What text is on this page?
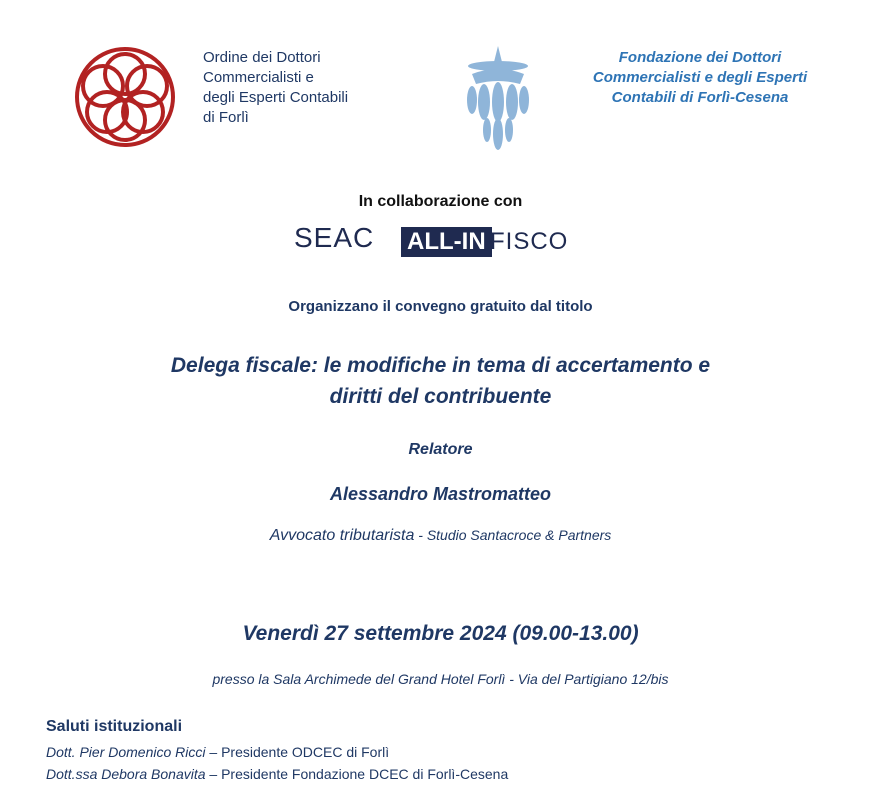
Ordine dei Dottori
Commercialisti e
degli Esperti Contabili
di Forlì
Fondazione dei Dottori
Commercialisti e degli Esperti
Contabili di Forlì-Cesena
In collaborazione con
SEAC ALL-IN FISCO
Organizzano il convegno gratuito dal titolo
Delega fiscale: le modifiche in tema di accertamento e
diritti del contribuente
Relatore
Alessandro Mastromatteo
Avvocato tributarista - Studio Santacroce & Partners
Venerdì 27 settembre 2024 (09.00-13.00)
presso la Sala Archimede del Grand Hotel Forlì - Via del Partigiano 12/bis
Saluti istituzionali
Dott. Pier Domenico Ricci – Presidente ODCEC di Forlì
Dott.ssa Debora Bonavita – Presidente Fondazione DCEC di Forlì-Cesena
